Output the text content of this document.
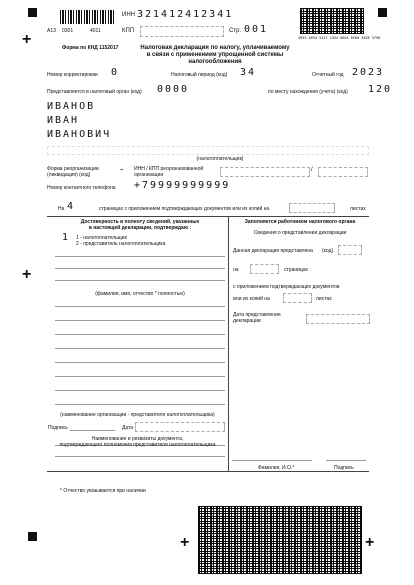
+
+
+	+
А13 0301	4011
ИНН 321412412341
КПП	Стр. 001
4953 4654 5147 2454 8605 8580 3458 3796
Форма по КНД 1152017	Налоговая декларация по налогу, уплачиваемому
в связи с применением упрощенной системы налогообложения
Номер корректировки 0	Налоговый период (код) 34	Отчетный год 2023
Представляется в налоговый орган (код) 0000	по месту нахождения (учета) (код) 120
ИВАНОВ
ИВАН
ИВАНОВИЧ
(налогоплательщик)
Форма реорганизации
(ликвидация) (код)
– ИНН / КПП реорганизованной
организации
/
Номер контактного телефона +79999999999
На 4	страницах с приложением подтверждающих документов или их копий на	листах
Достоверность и полноту сведений, указанных
в настоящей декларации, подтверждаю :
1 1 - налогоплательщик
2 - представитель налогоплательщика
(фамилия, имя, отчество * полностью)
(наименование организации - представителя налогоплательщика)
Подпись	Дата
Наименование и реквизиты документа,
подтверждающего полномочия представителя налогоплательщика
Заполняется работником налогового органа
Сведения о представлении декларации
Данная декларация представлена (код)
на	страницах
с приложением подтверждающих документов
или их копий на	листах
Дата представления
декларации
Фамилия, И.О.*	Подпись
* Отчество указывается при наличии
